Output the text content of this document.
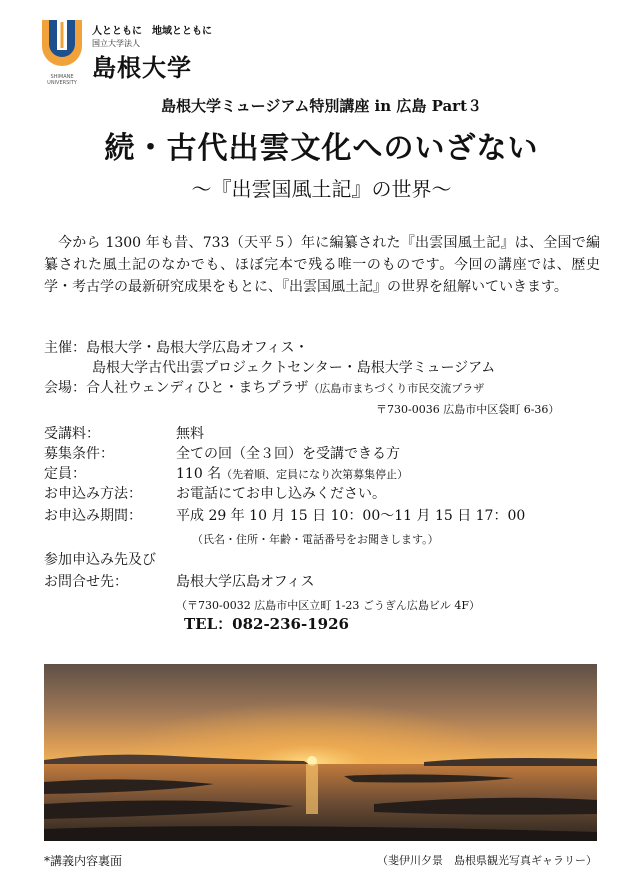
SHIMANE UNIVERSITY
人とともに　地域とともに
国立大学法人
島根大学
島根大学ミュージアム特別講座 in 広島 Part３
続・古代出雲文化へのいざない
～『出雲国風土記』の世界～
今から 1300 年も昔、733（天平５）年に編纂された『出雲国風土記』は、全国で編纂された風土記のなかでも、ほぼ完本で残る唯一のものです。今回の講座では、歴史学・考古学の最新研究成果をもとに、『出雲国風土記』の世界を紐解いていきます。
主催：島根大学・島根大学広島オフィス・
島根大学古代出雲プロジェクトセンター・島根大学ミュージアム
会場：合人社ウェンディひと・まちプラザ（広島市まちづくり市民交流プラザ
〒730-0036 広島市中区袋町 6-36）
受講料：	無料
募集条件：	全ての回（全３回）を受講できる方
定員：	110 名（先着順、定員になり次第募集停止）
お申込み方法： お電話にてお申し込みください。
お申込み期間： 平成 29 年 10 月 15 日 10：00～11 月 15 日 17：00
（氏名・住所・年齢・電話番号をお聞きします。）
参加申込み先及び
お問合せ先：	島根大学広島オフィス
（〒730-0032 広島市中区立町 1-23 ごうぎん広島ビル 4F）
TEL：082-236-1926
*講義内容裏面	（斐伊川夕景　島根県観光写真ギャラリー）
